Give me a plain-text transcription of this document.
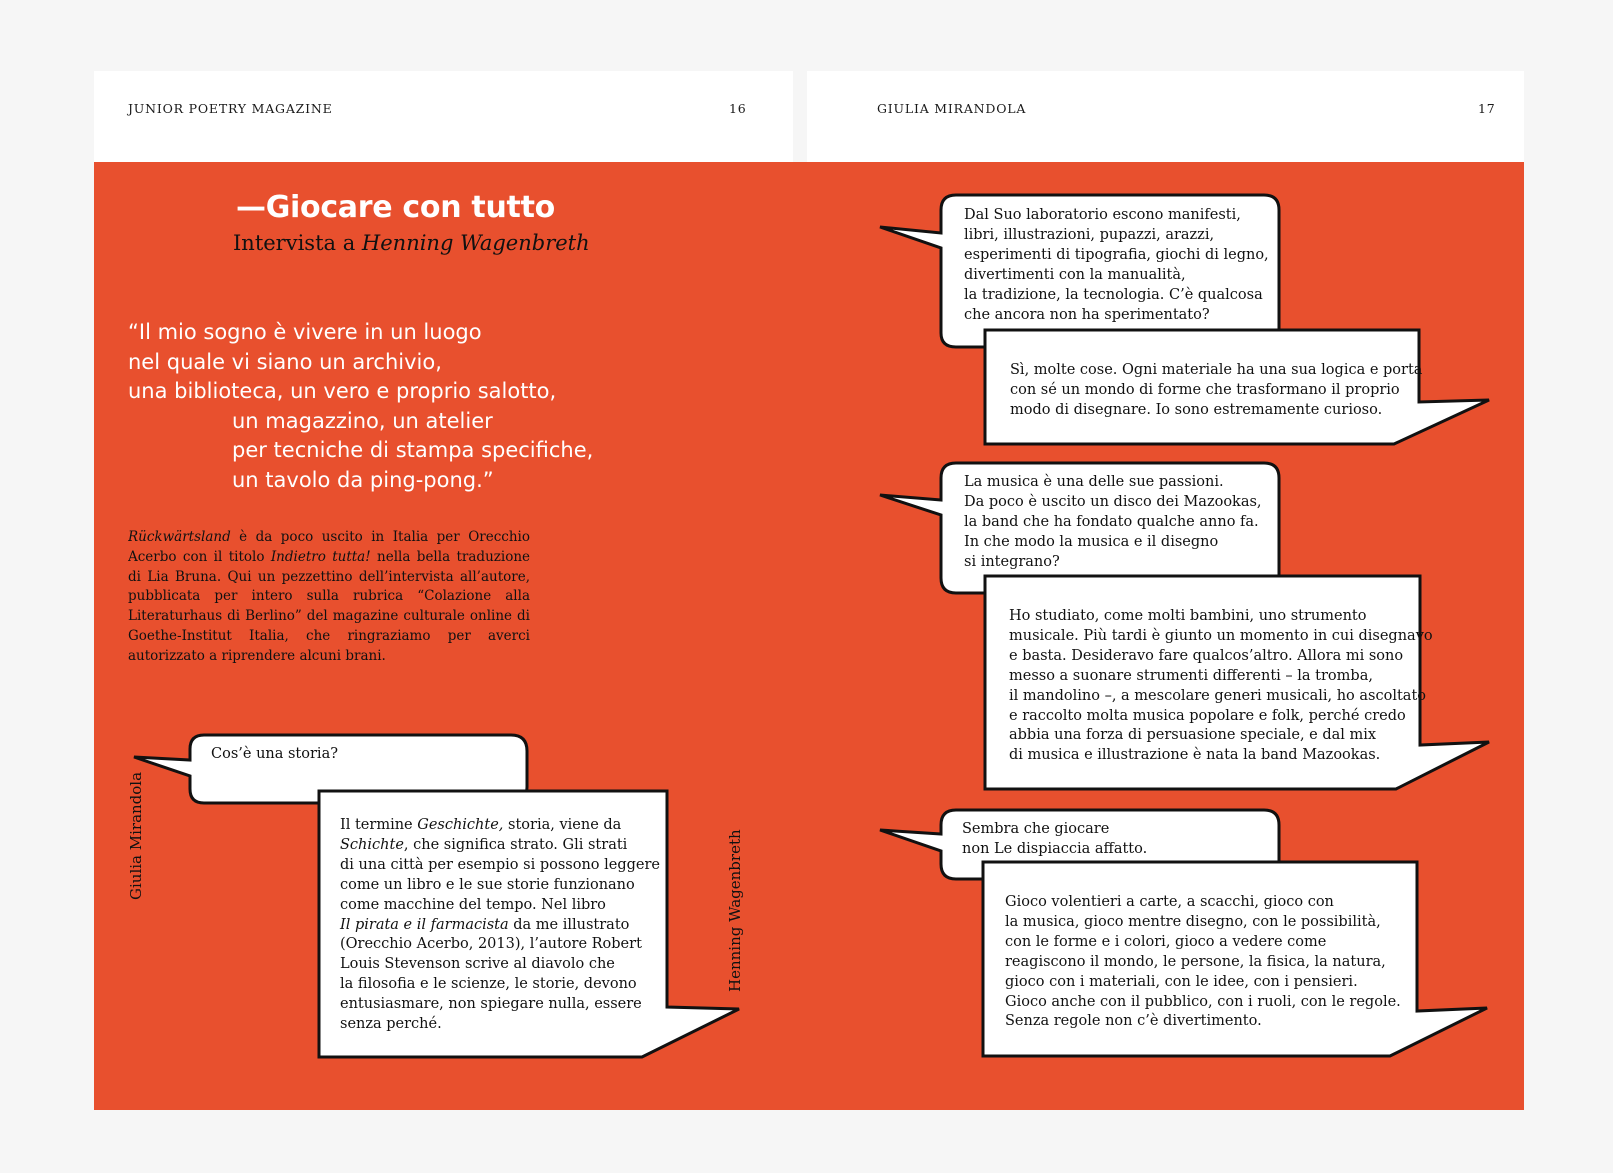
JUNIOR POETRY MAGAZINE	16	GIULIA MIRANDOLA	17
—Giocare con tutto
Intervista a Henning Wagenbreth
“Il mio sogno è vivere in un luogo
nel quale vi siano un archivio,
una biblioteca, un vero e proprio salotto,
un magazzino, un atelier
per tecniche di stampa specifiche,
un tavolo da ping-pong.”
Rückwärtsland è da poco uscito in Italia per Orecchio Acerbo con il titolo Indietro tutta! nella bella traduzione di Lia Bruna. Qui un pezzettino dell’intervista all’autore, pubblicata per intero sulla rubrica “Colazione alla Literaturhaus di Berlino” del magazine culturale online di Goethe-Institut Italia, che ringraziamo per averci autorizzato a riprendere alcuni brani.
Giulia Mirandola	Henning Wagenbreth
Cos’è una storia?
Il termine Geschichte, storia, viene da
Schichte, che significa strato. Gli strati
di una città per esempio si possono leggere
come un libro e le sue storie funzionano
come macchine del tempo. Nel libro
Il pirata e il farmacista da me illustrato
(Orecchio Acerbo, 2013), l’autore Robert
Louis Stevenson scrive al diavolo che
la filosofia e le scienze, le storie, devono
entusiasmare, non spiegare nulla, essere
senza perché.
Dal Suo laboratorio escono manifesti,
libri, illustrazioni, pupazzi, arazzi,
esperimenti di tipografia, giochi di legno,
divertimenti con la manualità,
la tradizione, la tecnologia. C’è qualcosa
che ancora non ha sperimentato?
Sì, molte cose. Ogni materiale ha una sua logica e porta
con sé un mondo di forme che trasformano il proprio
modo di disegnare. Io sono estremamente curioso.
La musica è una delle sue passioni.
Da poco è uscito un disco dei Mazookas,
la band che ha fondato qualche anno fa.
In che modo la musica e il disegno
si integrano?
Ho studiato, come molti bambini, uno strumento
musicale. Più tardi è giunto un momento in cui disegnavo
e basta. Desideravo fare qualcos’altro. Allora mi sono
messo a suonare strumenti differenti – la tromba,
il mandolino –, a mescolare generi musicali, ho ascoltato
e raccolto molta musica popolare e folk, perché credo
abbia una forza di persuasione speciale, e dal mix
di musica e illustrazione è nata la band Mazookas.
Sembra che giocare
non Le dispiaccia affatto.
Gioco volentieri a carte, a scacchi, gioco con
la musica, gioco mentre disegno, con le possibilità,
con le forme e i colori, gioco a vedere come
reagiscono il mondo, le persone, la fisica, la natura,
gioco con i materiali, con le idee, con i pensieri.
Gioco anche con il pubblico, con i ruoli, con le regole.
Senza regole non c’è divertimento.
